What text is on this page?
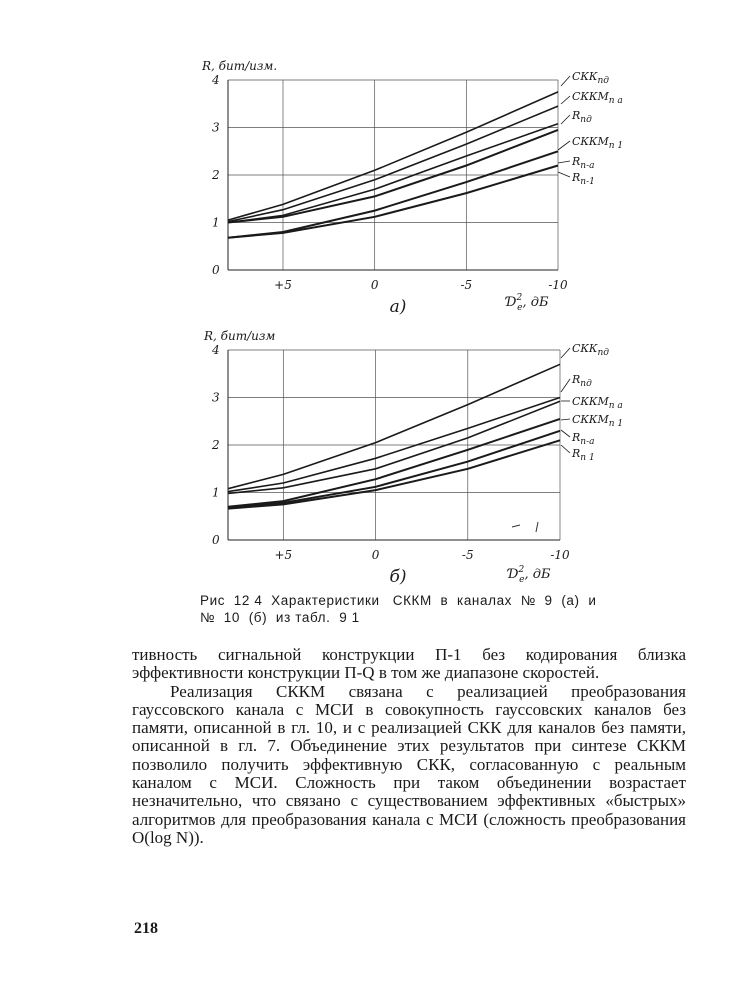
0
1
2
3
4
+5	0	-5	-10
$СКК_{пд}$
$СККМ_{п а}$
$R_{пд}$
$СККМ_{п 1}$
$R_{п-а}$
$R_{п-1}$
R, бит/изм.
$Ɗ^2$ e, дБ
a)
0
1
2
3
4
+5	0	-5	-10
$СКК_{пд}$
$R_{пд}$
$СККМ_{п а}$
$СККМ_{п 1}$
$R_{п-а}$
$R_{п 1}$
R, бит/изм
$Ɗ^2$ e, дБ
б)
Рис  12 4  Характеристики   СККМ  в  каналах  №  9  (а)  и
№  10  (б)  из табл.  9 1

тивность сигнальной конструкции П-1 без кодирования близка эффективности конструкции П-Q в том же диапазоне скоростей.

Реализация СККМ связана с реализацией преобразования гауссовского канала с МСИ в совокупность гауссовских каналов без памяти, описанной в гл. 10, и с реализацией СКК для каналов без памяти, описанной в гл. 7. Объединение этих результатов при синтезе СККМ позволило получить эффективную СКК, согласованную с реальным каналом с МСИ. Сложность при таком объединении возрастает незначительно, что связано с существованием эффективных «быстрых» алгоритмов для преобразования канала с МСИ (сложность преобразования O(log N)).

218
